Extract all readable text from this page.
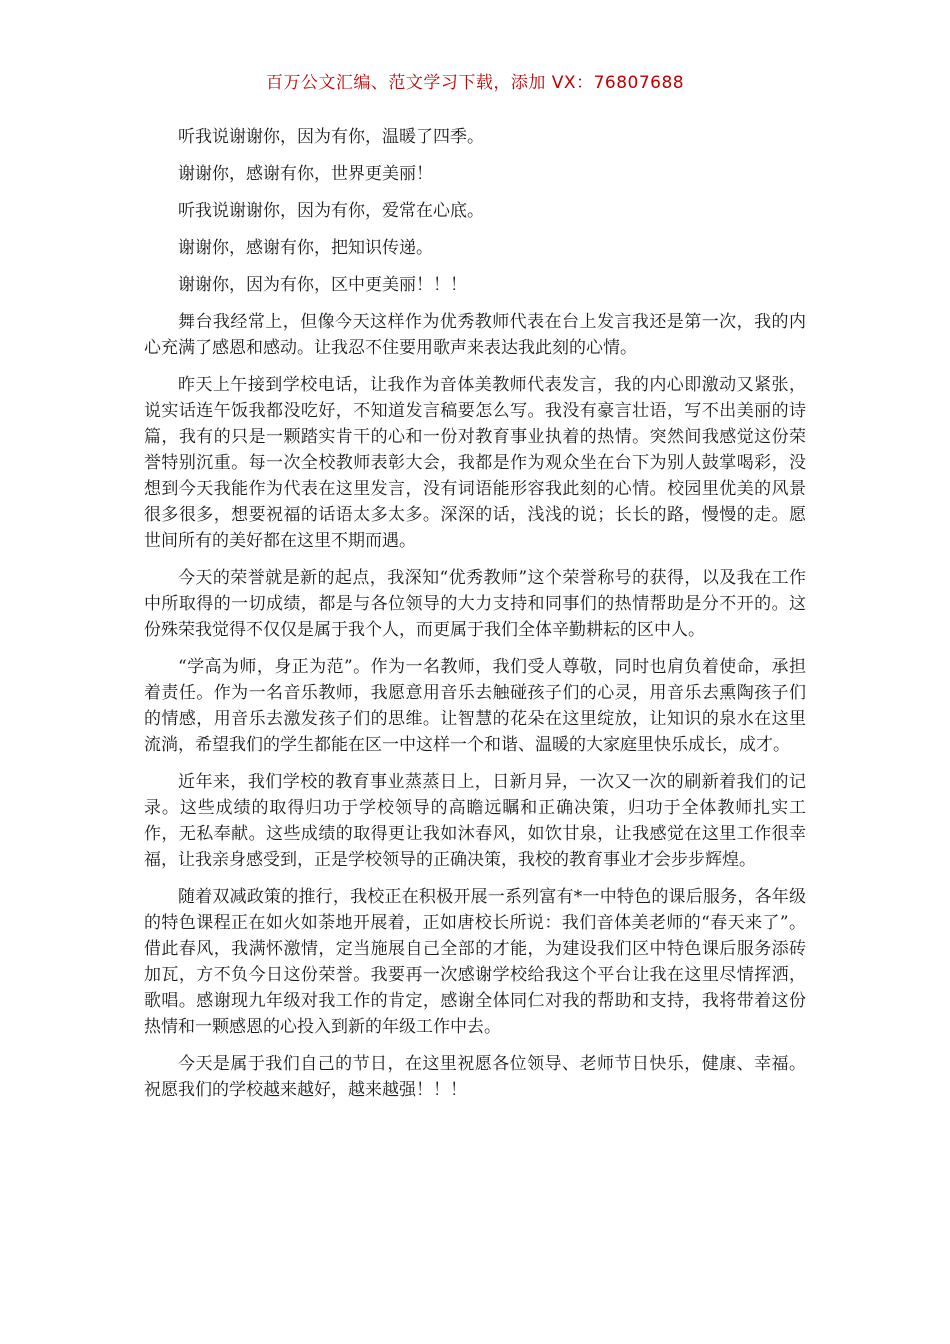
百万公文汇编、范文学习下载，添加 VX：76807688

听我说谢谢你，因为有你，温暖了四季。

谢谢你，感谢有你，世界更美丽！

听我说谢谢你，因为有你，爱常在心底。

谢谢你，感谢有你，把知识传递。

谢谢你，因为有你，区中更美丽！！！

舞台我经常上，但像今天这样作为优秀教师代表在台上发言我还是第一次，我的内心充满了感恩和感动。让我忍不住要用歌声来表达我此刻的心情。

昨天上午接到学校电话，让我作为音体美教师代表发言，我的内心即激动又紧张，说实话连午饭我都没吃好，不知道发言稿要怎么写。我没有豪言壮语，写不出美丽的诗篇，我有的只是一颗踏实肯干的心和一份对教育事业执着的热情。突然间我感觉这份荣誉特别沉重。每一次全校教师表彰大会，我都是作为观众坐在台下为别人鼓掌喝彩，没想到今天我能作为代表在这里发言，没有词语能形容我此刻的心情。校园里优美的风景很多很多，想要祝福的话语太多太多。深深的话，浅浅的说；长长的路，慢慢的走。愿世间所有的美好都在这里不期而遇。

今天的荣誉就是新的起点，我深知“优秀教师”这个荣誉称号的获得，以及我在工作中所取得的一切成绩，都是与各位领导的大力支持和同事们的热情帮助是分不开的。这份殊荣我觉得不仅仅是属于我个人，而更属于我们全体辛勤耕耘的区中人。

“学高为师，身正为范”。作为一名教师，我们受人尊敬，同时也肩负着使命，承担着责任。作为一名音乐教师，我愿意用音乐去触碰孩子们的心灵，用音乐去熏陶孩子们的情感，用音乐去激发孩子们的思维。让智慧的花朵在这里绽放，让知识的泉水在这里流淌，希望我们的学生都能在区一中这样一个和谐、温暖的大家庭里快乐成长，成才。

近年来，我们学校的教育事业蒸蒸日上，日新月异，一次又一次的刷新着我们的记录。这些成绩的取得归功于学校领导的高瞻远瞩和正确决策，归功于全体教师扎实工作，无私奉献。这些成绩的取得更让我如沐春风，如饮甘泉，让我感觉在这里工作很幸福，让我亲身感受到，正是学校领导的正确决策，我校的教育事业才会步步辉煌。

随着双减政策的推行，我校正在积极开展一系列富有*一中特色的课后服务，各年级的特色课程正在如火如荼地开展着，正如唐校长所说：我们音体美老师的“春天来了”。借此春风，我满怀激情，定当施展自己全部的才能，为建设我们区中特色课后服务添砖加瓦，方不负今日这份荣誉。我要再一次感谢学校给我这个平台让我在这里尽情挥洒，歌唱。感谢现九年级对我工作的肯定，感谢全体同仁对我的帮助和支持，我将带着这份热情和一颗感恩的心投入到新的年级工作中去。

今天是属于我们自己的节日，在这里祝愿各位领导、老师节日快乐，健康、幸福。祝愿我们的学校越来越好，越来越强！！！
